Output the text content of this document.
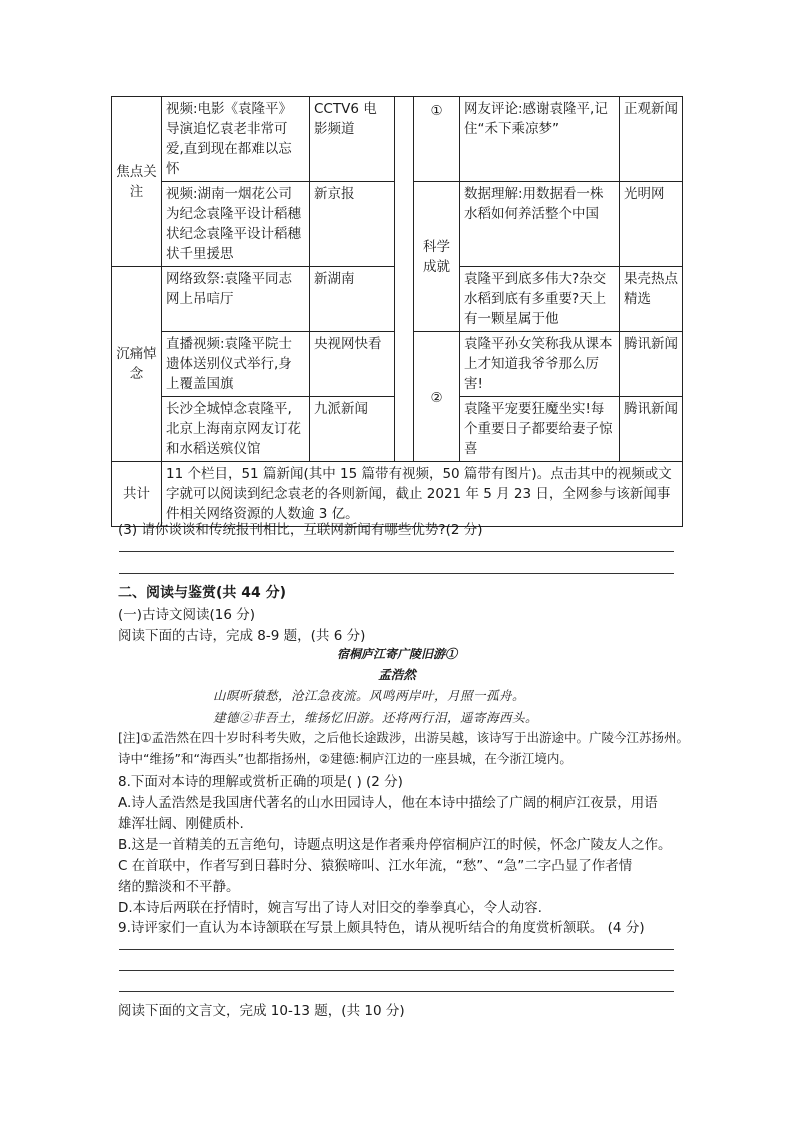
焦点关注	视频:电影《袁隆平》导演追忆袁老非常可爱,直到现在都难以忘怀	CCTV6 电影频道		①	网友评论:感谢袁隆平,记住“禾下乘凉梦”	正观新闻
	视频:湖南一烟花公司为纪念袁隆平设计稻穗状纪念袁隆平设计稻穗状千里援思	新京报		科学成就	数据理解:用数据看一株水稻如何养活整个中国	光明网
沉痛悼念	网络致祭:袁隆平同志网上吊唁厅	新湖南			袁隆平到底多伟大?杂交水稻到底有多重要?天上有一颗星属于他	果壳热点精选
	直播视频:袁隆平院士遗体送别仪式举行,身上覆盖国旗	央视网快看		②	袁隆平孙女笑称我从课本上才知道我爷爷那么厉害!	腾讯新闻
	长沙全城悼念袁隆平,北京上海南京网友订花和水稻送殡仪馆	九派新闻			袁隆平宠要狂魔坐实!每个重要日子都要给妻子惊喜	腾讯新闻
共计	11 个栏目，51 篇新闻(其中 15 篇带有视频，50 篇带有图片)。点击其中的视频或文字就可以阅读到纪念袁老的各则新闻，截止 2021 年 5 月 23 日，全网参与该新闻事件相关网络资源的人数逾 3 亿。					
(3) 请你谈谈和传统报刊相比，互联网新闻有哪些优势?(2 分)
二、阅读与鉴赏(共 44 分)
(一)古诗文阅读(16 分)
阅读下面的古诗，完成 8-9 题，(共 6 分)
宿桐庐江寄广陵旧游①
孟浩然
山暝听猿愁，沧江急夜流。风鸣两岸叶，月照一孤舟。
建德②非吾土，维扬忆旧游。还将两行泪，遥寄海西头。
[注]①孟浩然在四十岁时科考失败，之后他长途跋涉，出游吴越，该诗写于出游途中。广陵今江苏扬州。
诗中“维扬”和“海西头”也都指扬州，②建德:桐庐江边的一座县城，在今浙江境内。
8.下面对本诗的理解或赏析正确的项是( ) (2 分)
A.诗人孟浩然是我国唐代著名的山水田园诗人，他在本诗中描绘了广阔的桐庐江夜景，用语
雄浑壮阔、刚健质朴.
B.这是一首精美的五言绝句，诗题点明这是作者乘舟停宿桐庐江的时候，怀念广陵友人之作。
C 在首联中，作者写到日暮时分、猿猴啼叫、江水年流，“愁”、“急”二字凸显了作者情
绪的黯淡和不平静。
D.本诗后两联在抒情时，婉言写出了诗人对旧交的拳拳真心，令人动容.
9.诗评家们一直认为本诗颔联在写景上颇具特色，请从视听结合的角度赏析颔联。 (4 分)
阅读下面的文言文，完成 10-13 题，(共 10 分)
